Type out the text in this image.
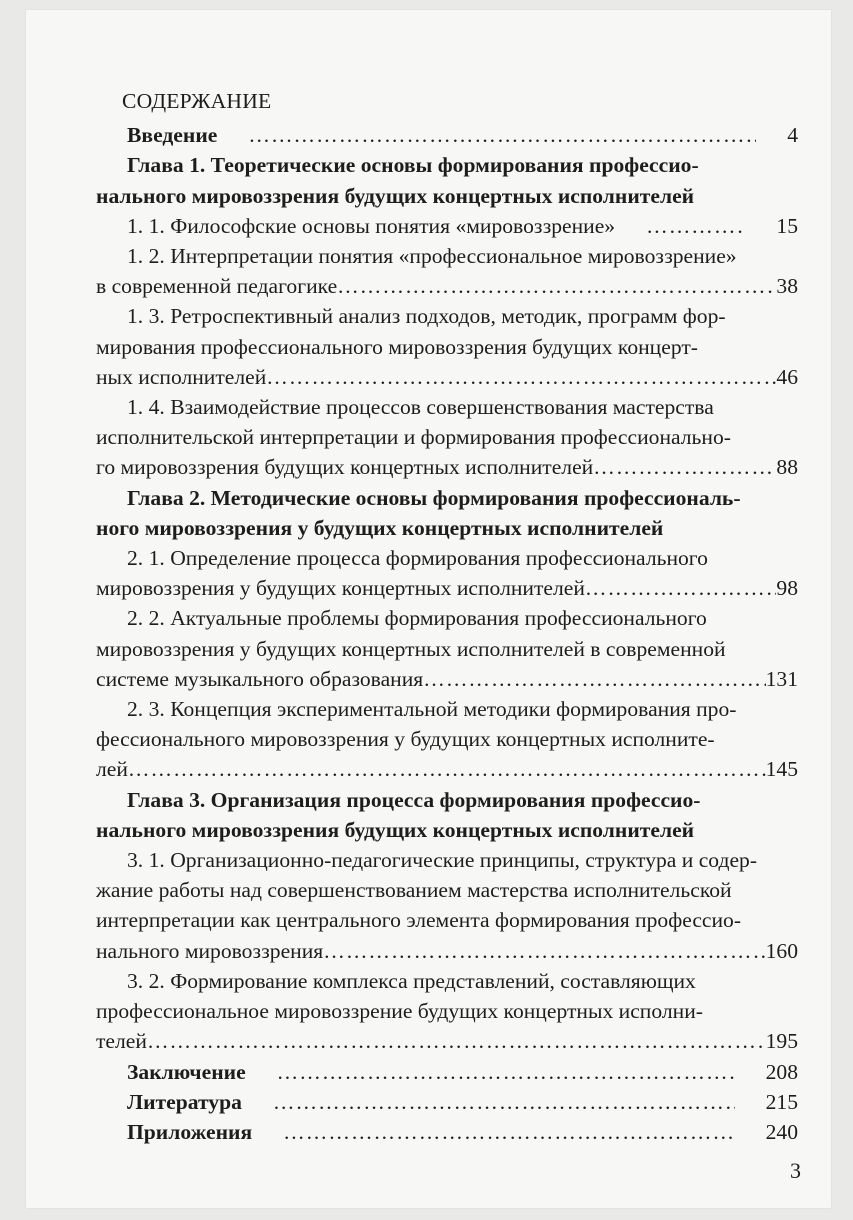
СОДЕРЖАНИЕ
Введение …………………………………………………………………………………………………………………………………………………	4
Глава 1. Теоретические основы формирования профессио-
нального мировоззрения будущих концертных исполнителей
1. 1. Философские основы понятия «мировоззрение» …………………………………………………………………………………………………………………………………………………	15
1. 2. Интерпретации понятия «профессиональное мировоззрение»
в современной педагогике …………………………………………………………………………………………………………………………………………………	38
1. 3. Ретроспективный анализ подходов, методик, программ фор-
мирования профессионального мировоззрения будущих концерт-
ных исполнителей …………………………………………………………………………………………………………………………………………………	46
1. 4. Взаимодействие процессов совершенствования мастерства
исполнительской интерпретации и формирования профессионально-
го мировоззрения будущих концертных исполнителей …………………………………………………………………………………………………………………………………………………	88
Глава 2. Методические основы формирования профессиональ-
ного мировоззрения у будущих концертных исполнителей
2. 1. Определение процесса формирования профессионального
мировоззрения у будущих концертных исполнителей …………………………………………………………………………………………………………………………………………………	98
2. 2. Актуальные проблемы формирования профессионального
мировоззрения у будущих концертных исполнителей в современной
системе музыкального образования …………………………………………………………………………………………………………………………………………………	131
2. 3. Концепция экспериментальной методики формирования про-
фессионального мировоззрения у будущих концертных исполните-
лей …………………………………………………………………………………………………………………………………………………	145
Глава 3. Организация процесса формирования профессио-
нального мировоззрения будущих концертных исполнителей
3. 1. Организационно-педагогические принципы, структура и содер-
жание работы над совершенствованием мастерства исполнительской
интерпретации как центрального элемента формирования профессио-
нального мировоззрения …………………………………………………………………………………………………………………………………………………	160
3. 2. Формирование комплекса представлений, составляющих
профессиональное мировоззрение будущих концертных исполни-
телей …………………………………………………………………………………………………………………………………………………	195
Заключение …………………………………………………………………………………………………………………………………………………	208
Литература …………………………………………………………………………………………………………………………………………………	215
Приложения …………………………………………………………………………………………………………………………………………………	240
3
